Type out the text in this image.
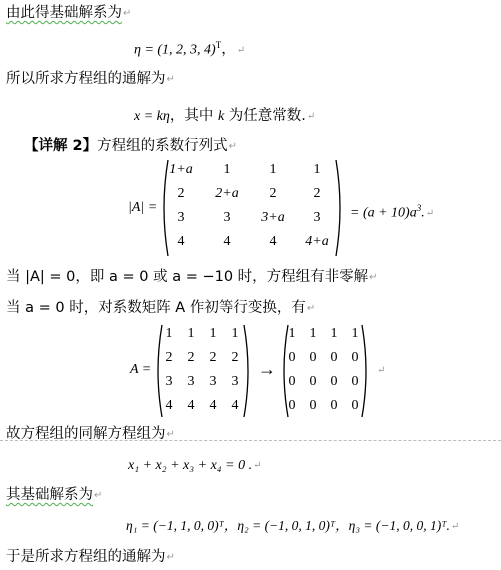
由此得基础解系为↵
η = (1, 2, 3, 4)$^T$，↵
所以所求方程组的通解为↵
x = kη，其中 k 为任意常数.↵
【详解 2】方程组的系数行列式↵
|A| =
1+a	1	1	1
2	2+a	2	2
3	3	3+a	3
4	4	4	4+a
= $(a + 10)a^3.↵$
当 |A| = 0，即 a = 0 或 a = −10 时，方程组有非零解↵
当 a = 0 时，对系数矩阵 A 作初等行变换，有↵
A =
1	1	1	1
2	2	2	2
3	3	3	3
4	4	4	4
→
1	1	1	1
0	0	0	0
0	0	0	0
0	0	0	0
↵
故方程组的同解方程组为↵
x₁ + x₂ + x₃ + x₄ = 0 .↵
其基础解系为↵
η₁ = (−1, 1, 0, 0)ᵀ，η₂ = (−1, 0, 1, 0)ᵀ，η₃ = (−1, 0, 0, 1)ᵀ.↵
于是所求方程组的通解为↵
